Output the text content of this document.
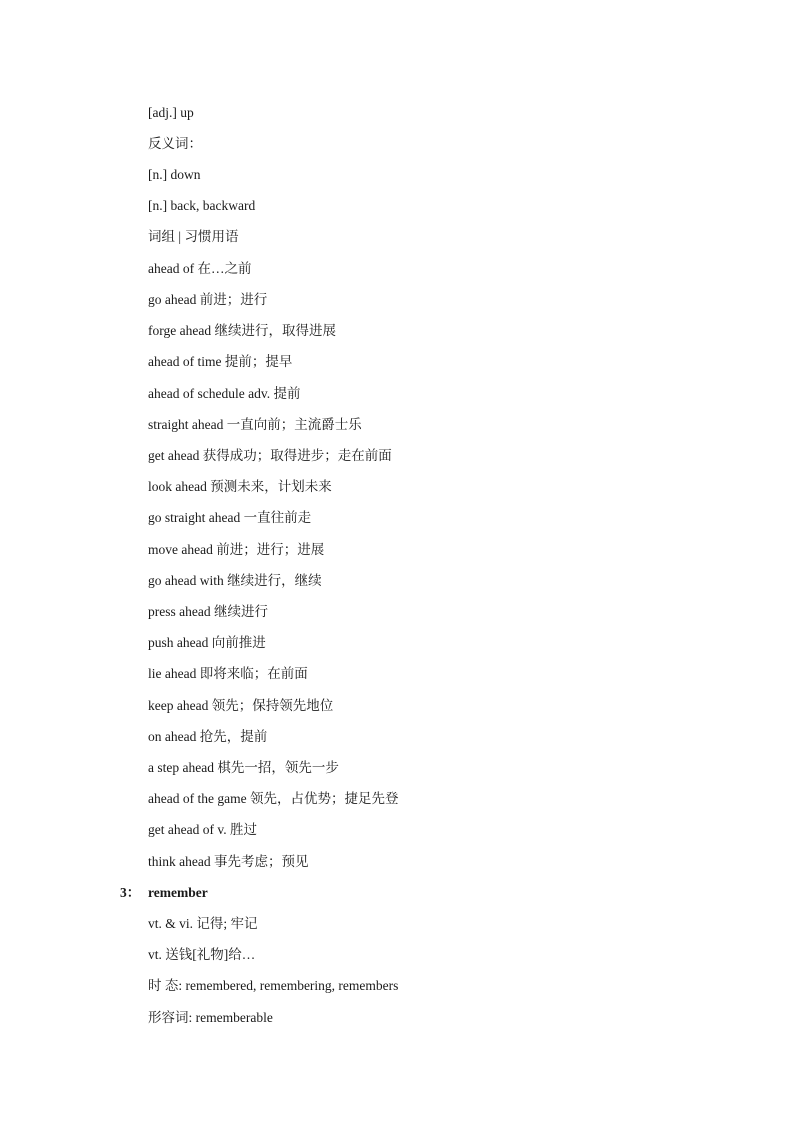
[adj.] up
反义词：
[n.] down
[n.] back, backward
词组 | 习惯用语
ahead of 在…之前
go ahead 前进；进行
forge ahead 继续进行，取得进展
ahead of time 提前；提早
ahead of schedule adv. 提前
straight ahead 一直向前；主流爵士乐
get ahead 获得成功；取得进步；走在前面
look ahead 预测未来，计划未来
go straight ahead 一直往前走
move ahead 前进；进行；进展
go ahead with 继续进行，继续
press ahead 继续进行
push ahead 向前推进
lie ahead 即将来临；在前面
keep ahead 领先；保持领先地位
on ahead 抢先，提前
a step ahead 棋先一招，领先一步
ahead of the game 领先，占优势；捷足先登
get ahead of v. 胜过
think ahead 事先考虑；预见
3： remember
vt. & vi. 记得; 牢记
vt. 送钱[礼物]给…
时 态: remembered, remembering, remembers
形容词: rememberable
